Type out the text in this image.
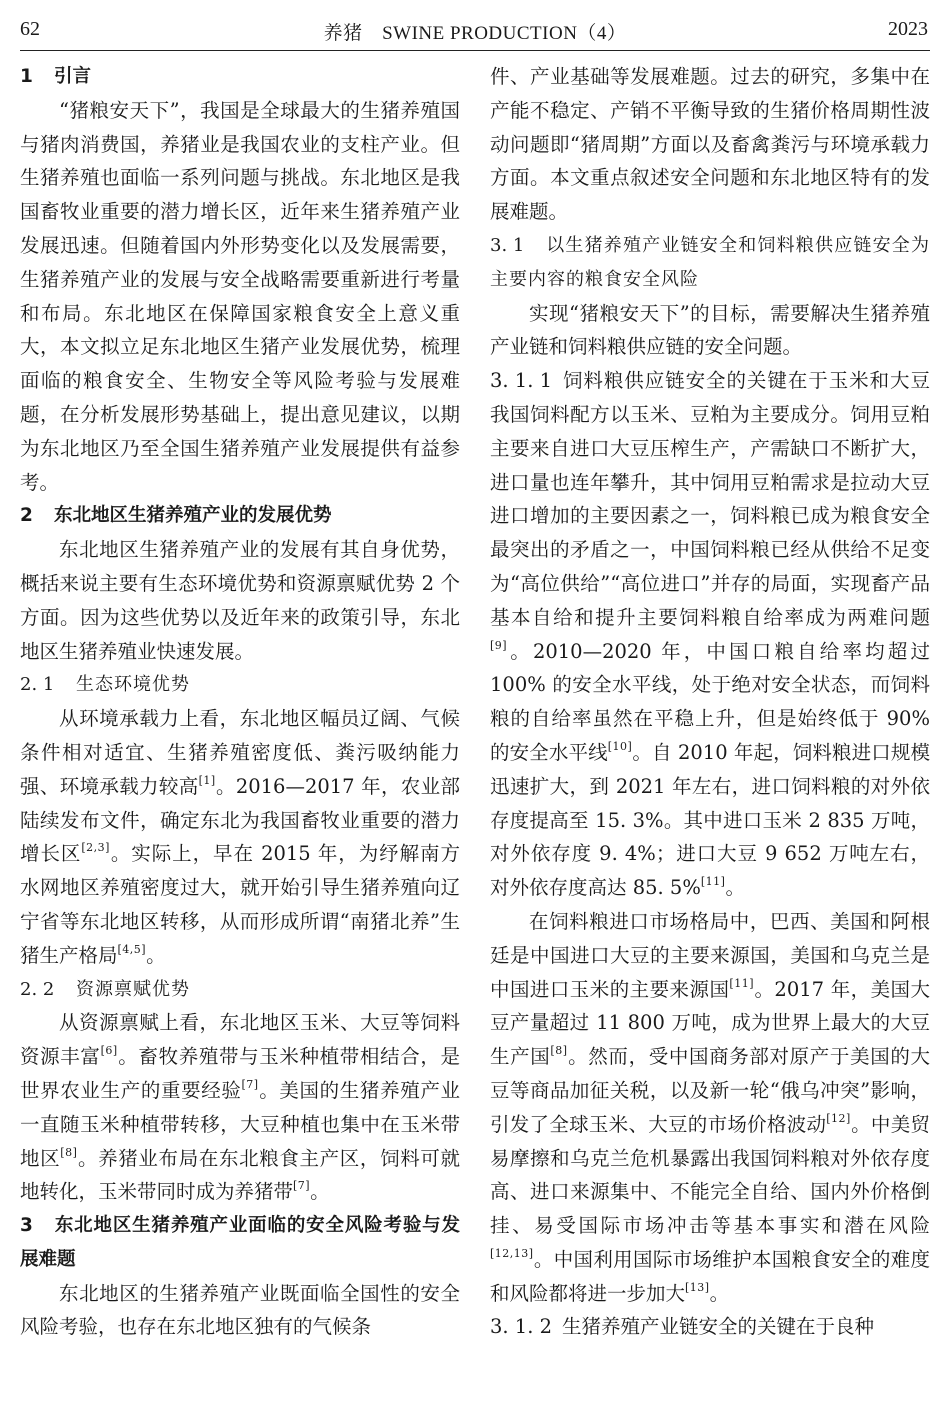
62	养猪　SWINE PRODUCTION（4）	2023

1 引言

“猪粮安天下”，我国是全球最大的生猪养殖国与猪肉消费国，养猪业是我国农业的支柱产业。但生猪养殖也面临一系列问题与挑战。东北地区是我国畜牧业重要的潜力增长区，近年来生猪养殖产业发展迅速。但随着国内外形势变化以及发展需要，生猪养殖产业的发展与安全战略需要重新进行考量和布局。东北地区在保障国家粮食安全上意义重大，本文拟立足东北地区生猪产业发展优势，梳理面临的粮食安全、生物安全等风险考验与发展难题，在分析发展形势基础上，提出意见建议，以期为东北地区乃至全国生猪养殖产业发展提供有益参考。

2 东北地区生猪养殖产业的发展优势

东北地区生猪养殖产业的发展有其自身优势，概括来说主要有生态环境优势和资源禀赋优势 2 个方面。因为这些优势以及近年来的政策引导，东北地区生猪养殖业快速发展。

2. 1 生态环境优势

从环境承载力上看，东北地区幅员辽阔、气候条件相对适宜、生猪养殖密度低、粪污吸纳能力强、环境承载力较高[1]。2016—2017 年，农业部陆续发布文件，确定东北为我国畜牧业重要的潜力增长区[2,3]。实际上，早在 2015 年，为纾解南方水网地区养殖密度过大，就开始引导生猪养殖向辽宁省等东北地区转移，从而形成所谓“南猪北养”生猪生产格局[4,5]。

2. 2 资源禀赋优势

从资源禀赋上看，东北地区玉米、大豆等饲料资源丰富[6]。畜牧养殖带与玉米种植带相结合，是世界农业生产的重要经验[7]。美国的生猪养殖产业一直随玉米种植带转移，大豆种植也集中在玉米带地区[8]。养猪业布局在东北粮食主产区，饲料可就地转化，玉米带同时成为养猪带[7]。

3 东北地区生猪养殖产业面临的安全风险考验与发展难题

东北地区的生猪养殖产业既面临全国性的安全风险考验，也存在东北地区独有的气候条

件、产业基础等发展难题。过去的研究，多集中在产能不稳定、产销不平衡导致的生猪价格周期性波动问题即“猪周期”方面以及畜禽粪污与环境承载力方面。本文重点叙述安全问题和东北地区特有的发展难题。

3. 1 以生猪养殖产业链安全和饲料粮供应链安全为主要内容的粮食安全风险

实现“猪粮安天下”的目标，需要解决生猪养殖产业链和饲料粮供应链的安全问题。

3. 1. 1 饲料粮供应链安全的关键在于玉米和大豆　我国饲料配方以玉米、豆粕为主要成分。饲用豆粕主要来自进口大豆压榨生产，产需缺口不断扩大，进口量也连年攀升，其中饲用豆粕需求是拉动大豆进口增加的主要因素之一，饲料粮已成为粮食安全最突出的矛盾之一，中国饲料粮已经从供给不足变为“高位供给”“高位进口”并存的局面，实现畜产品基本自给和提升主要饲料粮自给率成为两难问题[9]。2010—2020 年，中国口粮自给率均超过 100% 的安全水平线，处于绝对安全状态，而饲料粮的自给率虽然在平稳上升，但是始终低于 90% 的安全水平线[10]。自 2010 年起，饲料粮进口规模迅速扩大，到 2021 年左右，进口饲料粮的对外依存度提高至 15. 3%。其中进口玉米 2 835 万吨，对外依存度 9. 4%；进口大豆 9 652 万吨左右，对外依存度高达 85. 5%[11]。

在饲料粮进口市场格局中，巴西、美国和阿根廷是中国进口大豆的主要来源国，美国和乌克兰是中国进口玉米的主要来源国[11]。2017 年，美国大豆产量超过 11 800 万吨，成为世界上最大的大豆生产国[8]。然而，受中国商务部对原产于美国的大豆等商品加征关税，以及新一轮“俄乌冲突”影响，引发了全球玉米、大豆的市场价格波动[12]。中美贸易摩擦和乌克兰危机暴露出我国饲料粮对外依存度高、进口来源集中、不能完全自给、国内外价格倒挂、易受国际市场冲击等基本事实和潜在风险[12,13]。中国利用国际市场维护本国粮食安全的难度和风险都将进一步加大[13]。

3. 1. 2 生猪养殖产业链安全的关键在于良种
